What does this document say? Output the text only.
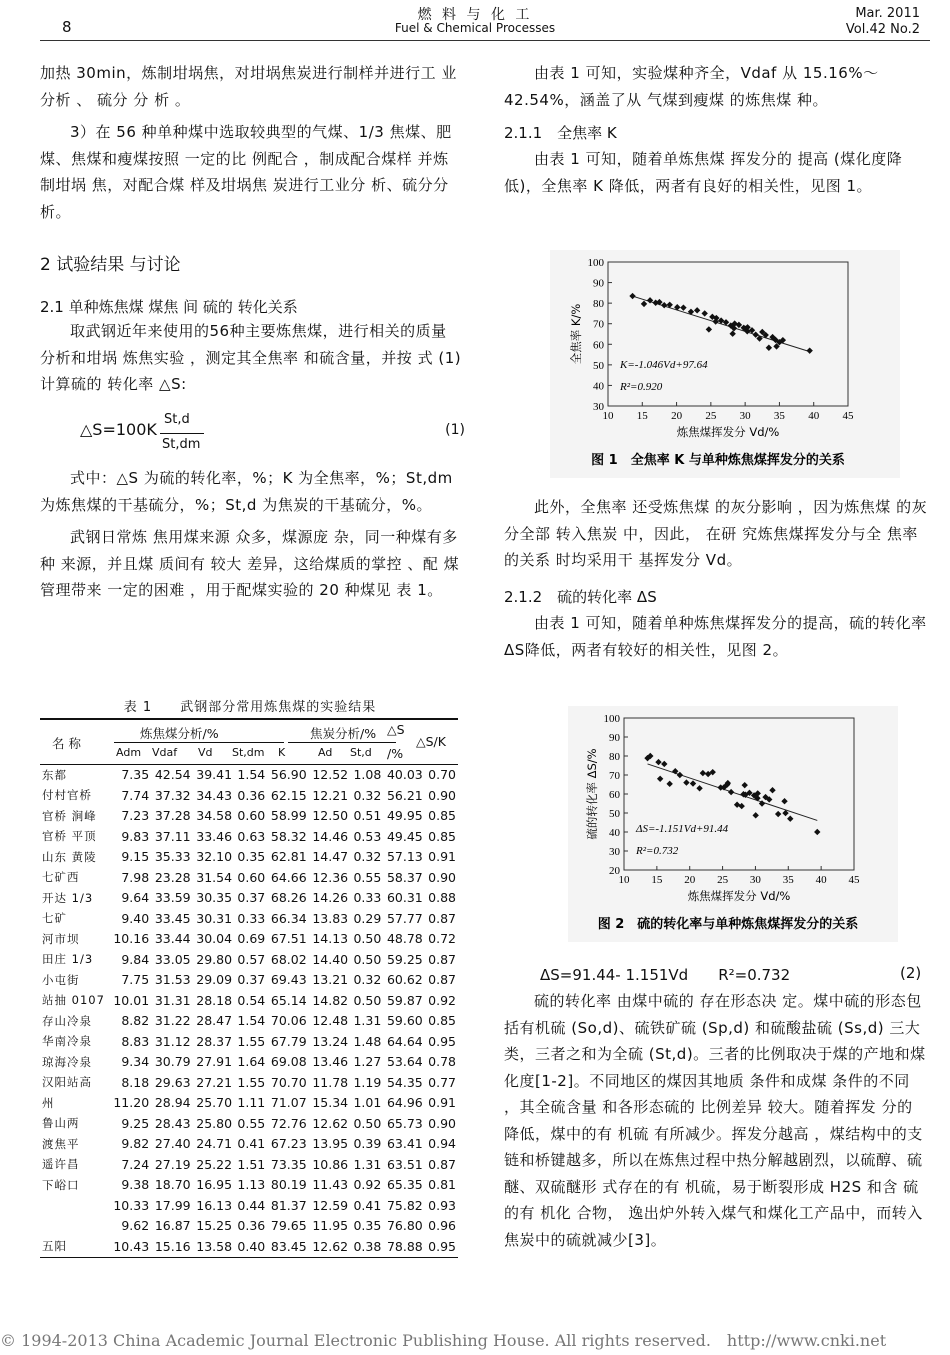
8
燃 料 与 化 工
Fuel & Chemical Processes
Mar. 2011
Vol.42 No.2

加热 30min，炼制坩埚焦，对坩埚焦炭进行制样并进行工 业分析 、 硫分 分 析 。

3）在 56 种单种煤中选取较典型的气煤、1/3 焦煤、肥煤、焦煤和瘦煤按照 一定的比 例配合 ，制成配合煤样 并炼制坩埚 焦，对配合煤 样及坩埚焦 炭进行工业分 析、硫分分 析。

2 试验结果 与讨论
2.1 单种炼焦煤 煤焦 间 硫的 转化关系
取武钢近年来使用的56种主要炼焦煤，进行相关的质量 分析和坩埚 炼焦实验 ，测定其全焦率 和硫含量，并按 式 (1) 计算硫的 转化率 △S:
△S=100K
St,d
St,dm
(1)

式中：△S 为硫的转化率，%；K 为全焦率，%；St,dm为炼焦煤的干基硫分，%；St,d 为焦炭的干基硫分，%。

武钢日常炼 焦用煤来源 众多，煤源庞 杂，同一种煤有多种 来源，并且煤 质间有 较大 差异，这给煤质的掌控 、配 煤管理带来 一定的困难 ，用于配煤实验的 20 种煤见 表 1。

表 1　　武钢部分常用炼焦煤的实验结果
名 称
炼焦煤分析/%	焦炭分析/% △S
/%
△S/K
Adm Vdaf Vd St,dm K	Ad St,d
东都	7.35	42.54	39.41	1.54	56.90	12.52	1.08	40.03	0.70
付村官桥	7.74	37.32	34.43	0.36	62.15	12.21	0.32	56.21	0.90
官桥 涧峰	7.23	37.28	34.58	0.60	58.99	12.50	0.51	49.95	0.85
官桥 平顶	9.83	37.11	33.46	0.63	58.32	14.46	0.53	49.45	0.85
山东 黄陵	9.15	35.33	32.10	0.35	62.81	14.47	0.32	57.13	0.91
七矿西	7.98	23.28	31.54	0.60	64.66	12.36	0.55	58.37	0.90
开达 1/3	9.64	33.59	30.35	0.37	68.26	14.26	0.33	60.31	0.88
七矿	9.40	33.45	30.31	0.33	66.34	13.83	0.29	57.77	0.87
河市坝	10.16	33.44	30.04	0.69	67.51	14.13	0.50	48.78	0.72
田庄 1/3	9.84	33.05	29.80	0.57	68.02	14.40	0.50	59.25	0.87
小屯街	7.75	31.53	29.09	0.37	69.43	13.21	0.32	60.62	0.87
站抽 0107	10.01	31.31	28.18	0.54	65.14	14.82	0.50	59.87	0.92
存山冷泉	8.82	31.22	28.47	1.54	70.06	12.48	1.31	59.60	0.85
华南冷泉	8.83	31.12	28.37	1.55	67.79	13.24	1.48	64.64	0.95
琼海冷泉	9.34	30.79	27.91	1.64	69.08	13.46	1.27	53.64	0.78
汉阳站高	8.18	29.63	27.21	1.55	70.70	11.78	1.19	54.35	0.77
州	11.20	28.94	25.70	1.11	71.07	15.34	1.01	64.96	0.91
鲁山两	9.25	28.43	25.80	0.55	72.76	12.62	0.50	65.73	0.90
渡焦平	9.82	27.40	24.71	0.41	67.23	13.95	0.39	63.41	0.94
遥许昌	7.24	27.19	25.22	1.51	73.35	10.86	1.31	63.51	0.87
下峪口	9.38	18.70	16.95	1.13	80.19	11.43	0.92	65.35	0.81
	10.33	17.99	16.13	0.44	81.37	12.59	0.41	75.82	0.93
	9.62	16.87	15.25	0.36	79.65	11.95	0.35	76.80	0.96
五阳	10.43	15.16	13.58	0.40	83.45	12.62	0.38	78.88	0.95
由表 1 可知，实验煤种齐全，Vdaf 从 15.16%～42.54%，涵盖了从 气煤到瘦煤 的炼焦煤 种。
2.1.1　全焦率 K
由表 1 可知，随着单炼焦煤 挥发分的 提高 (煤化度降低)，全焦率 K 降低，两者有良好的相关性，见图 1。
10 15 20 25 30 35 40 45
30
40
50
60
70
80
90
100
K=-1.046Vd+97.64
R²=0.920
炼焦煤挥发分 Vd/%
全焦率 K/%
图 1　全焦率 K 与单种炼焦煤挥发分的关系

此外，全焦率 还受炼焦煤 的灰分影响 ，因为炼焦煤 的灰分全部 转入焦炭 中，因此， 在研 究炼焦煤挥发分与全 焦率的关系 时均采用干 基挥发分 Vd。

2.1.2　硫的转化率 ΔS
由表 1 可知，随着单种炼焦煤挥发分的提高，硫的转化率 ΔS降低，两者有较好的相关性，见图 2。
10 15 20 25 30 35 40 45
20
30
40
50
60
70
80
90
100
ΔS=-1.151Vd+91.44
R²=0.732
炼焦煤挥发分 Vd/%
硫的转化率 ΔS/%
图 2　硫的转化率与单种炼焦煤挥发分的关系
ΔS=91.44- 1.151Vd　　R²=0.732	(2)
硫的转化率 由煤中硫的 存在形态决 定。煤中硫的形态包括有机硫 (So,d)、硫铁矿硫 (Sp,d) 和硫酸盐硫 (Ss,d) 三大类，三者之和为全硫 (St,d)。三者的比例取决于煤的产地和煤化度[1-2]。不同地区的煤因其地质 条件和成煤 条件的不同 ，其全硫含量 和各形态硫的 比例差异 较大。随着挥发 分的降低，煤中的有 机硫 有所减少。挥发分越高 ，煤结构中的支链和桥键越多，所以在炼焦过程中热分解越剧烈，以硫醇、硫醚、双硫醚形 式存在的有 机硫，易于断裂形成 H2S 和含 硫的有 机化 合物， 逸出炉外转入煤气和煤化工产品中，而转入焦炭中的硫就减少[3]。
© 1994-2013 China Academic Journal Electronic Publishing House. All rights reserved.　http://www.cnki.net
